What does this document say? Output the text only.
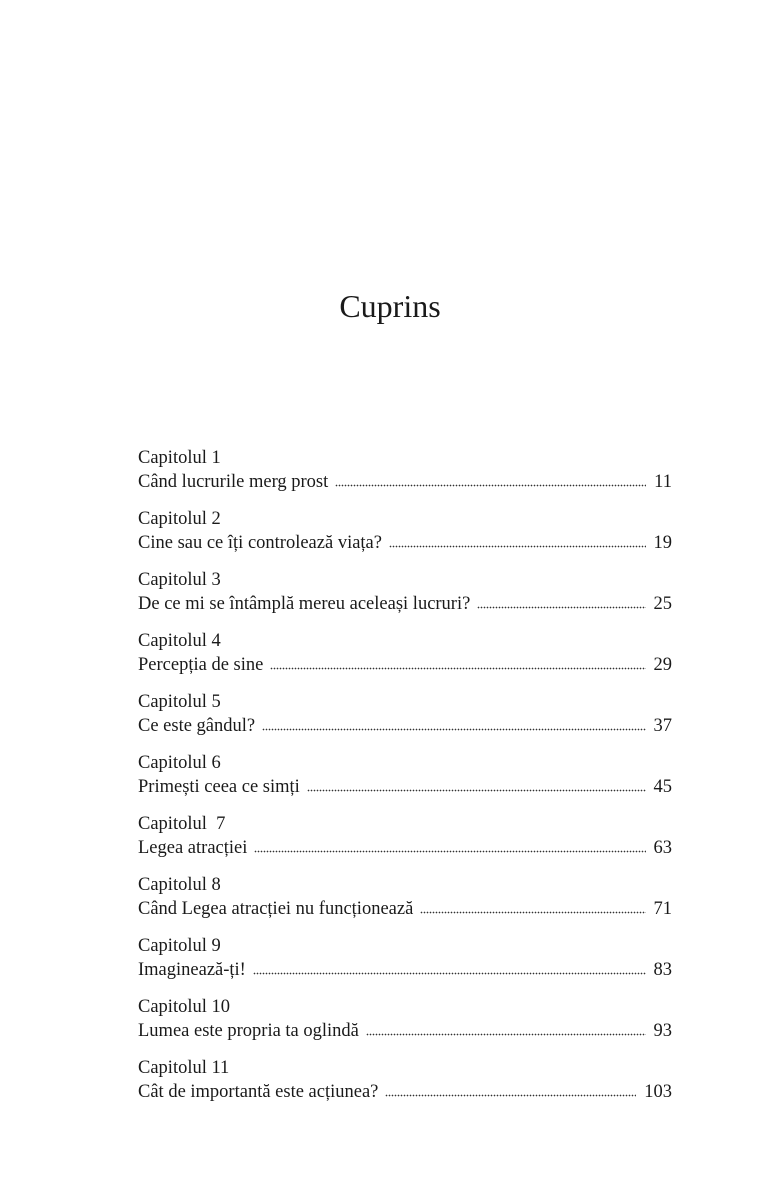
Cuprins
Capitolul 1
Când lucrurile merg prost	11
Capitolul 2
Cine sau ce îți controlează viața?	19
Capitolul 3
De ce mi se întâmplă mereu aceleași lucruri?	25
Capitolul 4
Percepția de sine	29
Capitolul 5
Ce este gândul?	37
Capitolul 6
Primești ceea ce simți	45
Capitolul  7
Legea atracției	63
Capitolul 8
Când Legea atracției nu funcționează	71
Capitolul 9
Imaginează-ți!	83
Capitolul 10
Lumea este propria ta oglindă	93
Capitolul 11
Cât de importantă este acțiunea?	103
